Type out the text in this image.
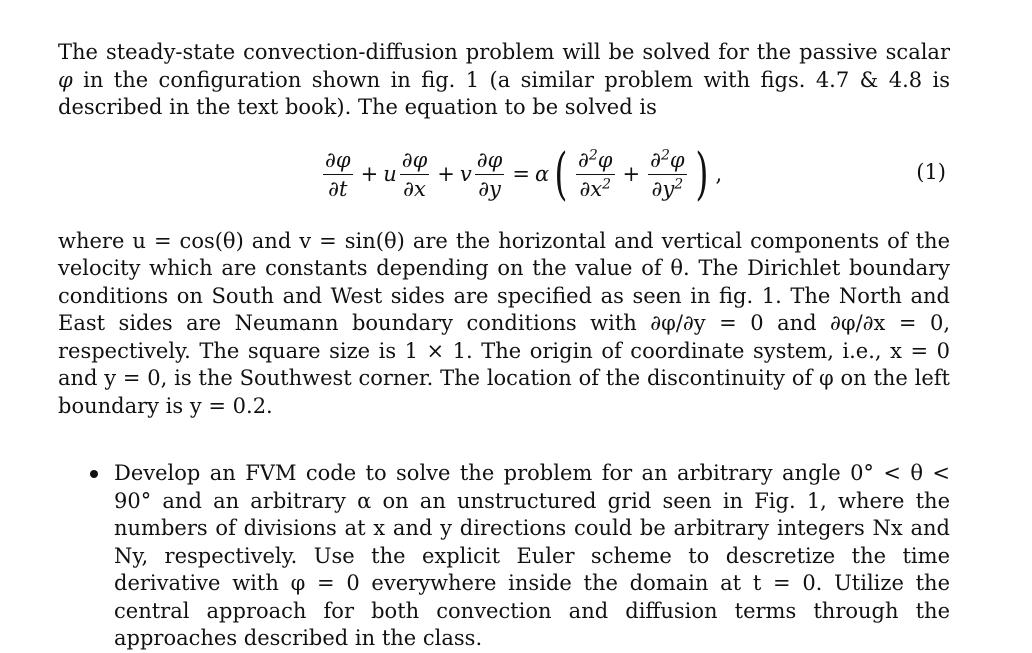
The steady-state convection-diffusion problem will be solved for the passive scalar φ in the configuration shown in fig. 1 (a similar problem with figs. 4.7 & 4.8 is described in the text book). The equation to be solved is

$\frac{\partial\varphi}{\partial t} + u \frac{\partial\varphi}{\partial x} + v \frac{\partial\varphi}{\partial y} = \alpha$ ( $\frac{\partial^2\varphi}{\partial x^2} + \frac{\partial^2\varphi}{\partial y^2}$ ) ,	(1)

where u = cos(θ) and v = sin(θ) are the horizontal and vertical components of the velocity which are constants depending on the value of θ. The Dirichlet boundary conditions on South and West sides are specified as seen in fig. 1. The North and East sides are Neumann boundary conditions with ∂φ/∂y = 0 and ∂φ/∂x = 0, respectively. The square size is 1 × 1. The origin of coordinate system, i.e., x = 0 and y = 0, is the Southwest corner. The location of the discontinuity of φ on the left boundary is y = 0.2.

Develop an FVM code to solve the problem for an arbitrary angle 0° < θ < 90° and an arbitrary α on an unstructured grid seen in Fig. 1, where the numbers of divisions at x and y directions could be arbitrary integers Nx and Ny, respectively. Use the explicit Euler scheme to descretize the time derivative with φ = 0 everywhere inside the domain at t = 0. Utilize the central approach for both convection and diffusion terms through the approaches described in the class.
